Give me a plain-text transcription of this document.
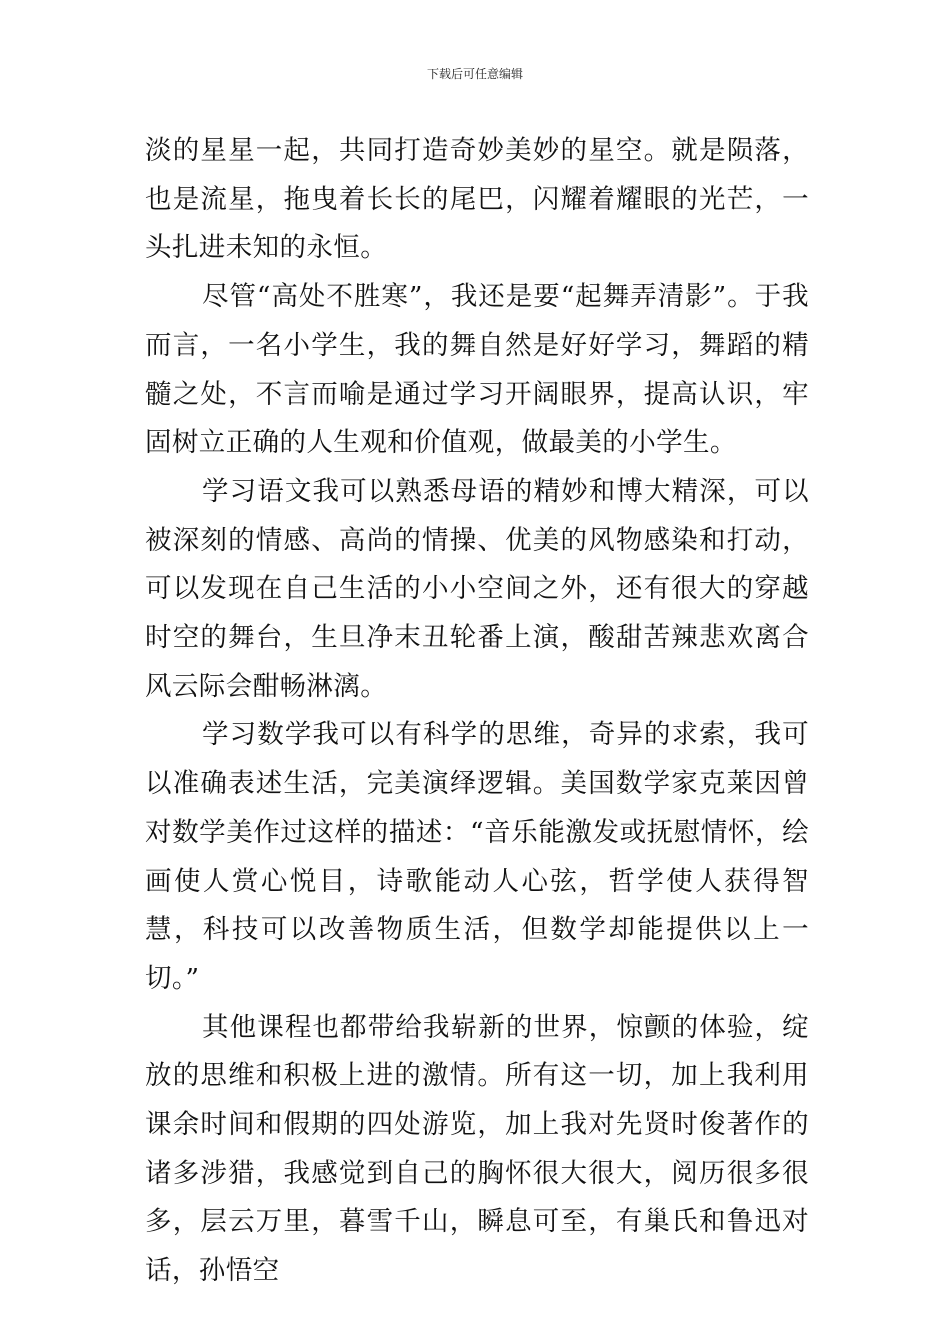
下载后可任意编辑

淡的星星一起，共同打造奇妙美妙的星空。就是陨落，也是流星，拖曳着长长的尾巴，闪耀着耀眼的光芒，一头扎进未知的永恒。

尽管“高处不胜寒”，我还是要“起舞弄清影”。于我而言，一名小学生，我的舞自然是好好学习，舞蹈的精髓之处，不言而喻是通过学习开阔眼界，提高认识，牢固树立正确的人生观和价值观，做最美的小学生。

学习语文我可以熟悉母语的精妙和博大精深，可以被深刻的情感、高尚的情操、优美的风物感染和打动，可以发现在自己生活的小小空间之外，还有很大的穿越时空的舞台，生旦净末丑轮番上演，酸甜苦辣悲欢离合风云际会酣畅淋漓。

学习数学我可以有科学的思维，奇异的求索，我可以准确表述生活，完美演绎逻辑。美国数学家克莱因曾对数学美作过这样的描述：“音乐能激发或抚慰情怀，绘画使人赏心悦目，诗歌能动人心弦，哲学使人获得智慧，科技可以改善物质生活，但数学却能提供以上一切。”

其他课程也都带给我崭新的世界，惊颤的体验，绽放的思维和积极上进的激情。所有这一切，加上我利用课余时间和假期的四处游览，加上我对先贤时俊著作的诸多涉猎，我感觉到自己的胸怀很大很大，阅历很多很多，层云万里，暮雪千山，瞬息可至，有巢氏和鲁迅对话，孙悟空
